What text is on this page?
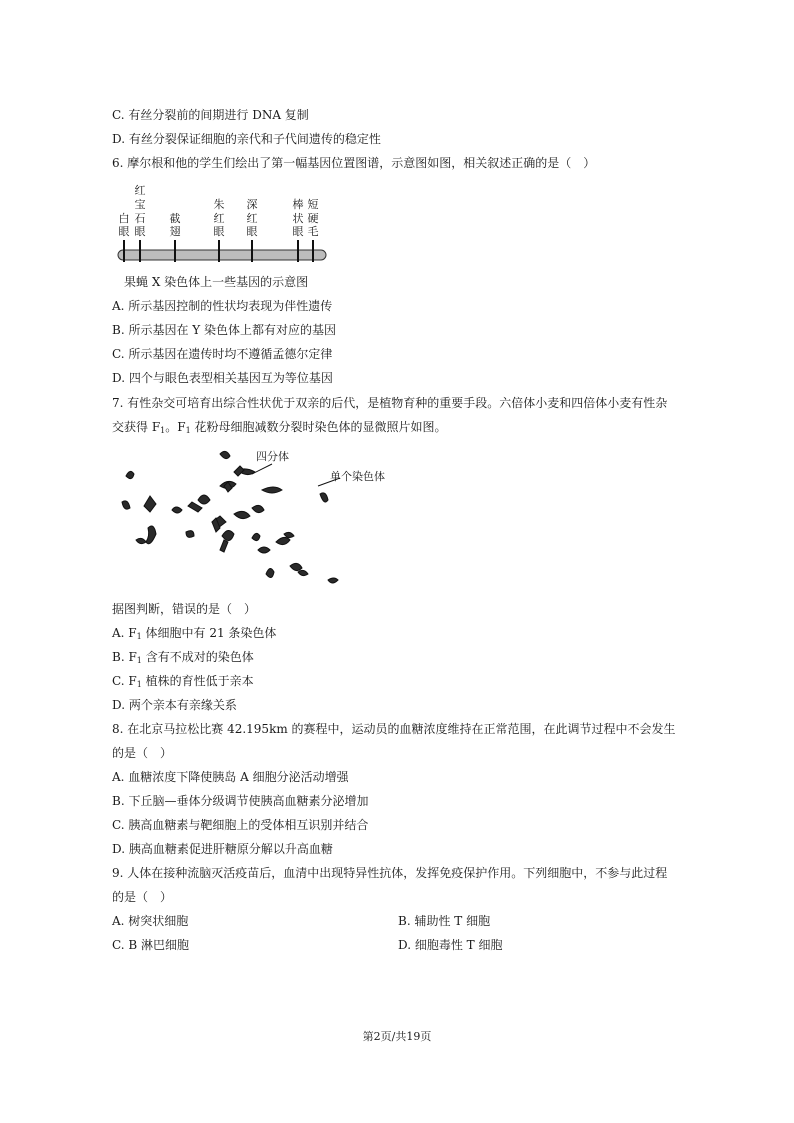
C. 有丝分裂前的间期进行 DNA 复制
D. 有丝分裂保证细胞的亲代和子代间遗传的稳定性
6. 摩尔根和他的学生们绘出了第一幅基因位置图谱，示意图如图，相关叙述正确的是（　）
白
眼
红
宝
石
眼
截
翅
朱
红
眼
深
红
眼
棒
状
眼
短
硬
毛
果蝇 X 染色体上一些基因的示意图
A. 所示基因控制的性状均表现为伴性遗传
B. 所示基因在 Y 染色体上都有对应的基因
C. 所示基因在遗传时均不遵循孟德尔定律
D. 四个与眼色表型相关基因互为等位基因
7. 有性杂交可培育出综合性状优于双亲的后代，是植物育种的重要手段。六倍体小麦和四倍体小麦有性杂
交获得 $F_1$。$F_1$ 花粉母细胞减数分裂时染色体的显微照片如图。
四分体
单个染色体
据图判断，错误的是（　）
A. $F_1$ 体细胞中有 21 条染色体
B. $F_1$ 含有不成对的染色体
C. $F_1$ 植株的育性低于亲本
D. 两个亲本有亲缘关系
8. 在北京马拉松比赛 42.195km 的赛程中，运动员的血糖浓度维持在正常范围，在此调节过程中不会发生
的是（　）
A. 血糖浓度下降使胰岛 A 细胞分泌活动增强
B. 下丘脑—垂体分级调节使胰高血糖素分泌增加
C. 胰高血糖素与靶细胞上的受体相互识别并结合
D. 胰高血糖素促进肝糖原分解以升高血糖
9. 人体在接种流脑灭活疫苗后，血清中出现特异性抗体，发挥免疫保护作用。下列细胞中，不参与此过程
的是（　）
A. 树突状细胞	B. 辅助性 T 细胞
C. B 淋巴细胞	D. 细胞毒性 T 细胞
第2页/共19页
